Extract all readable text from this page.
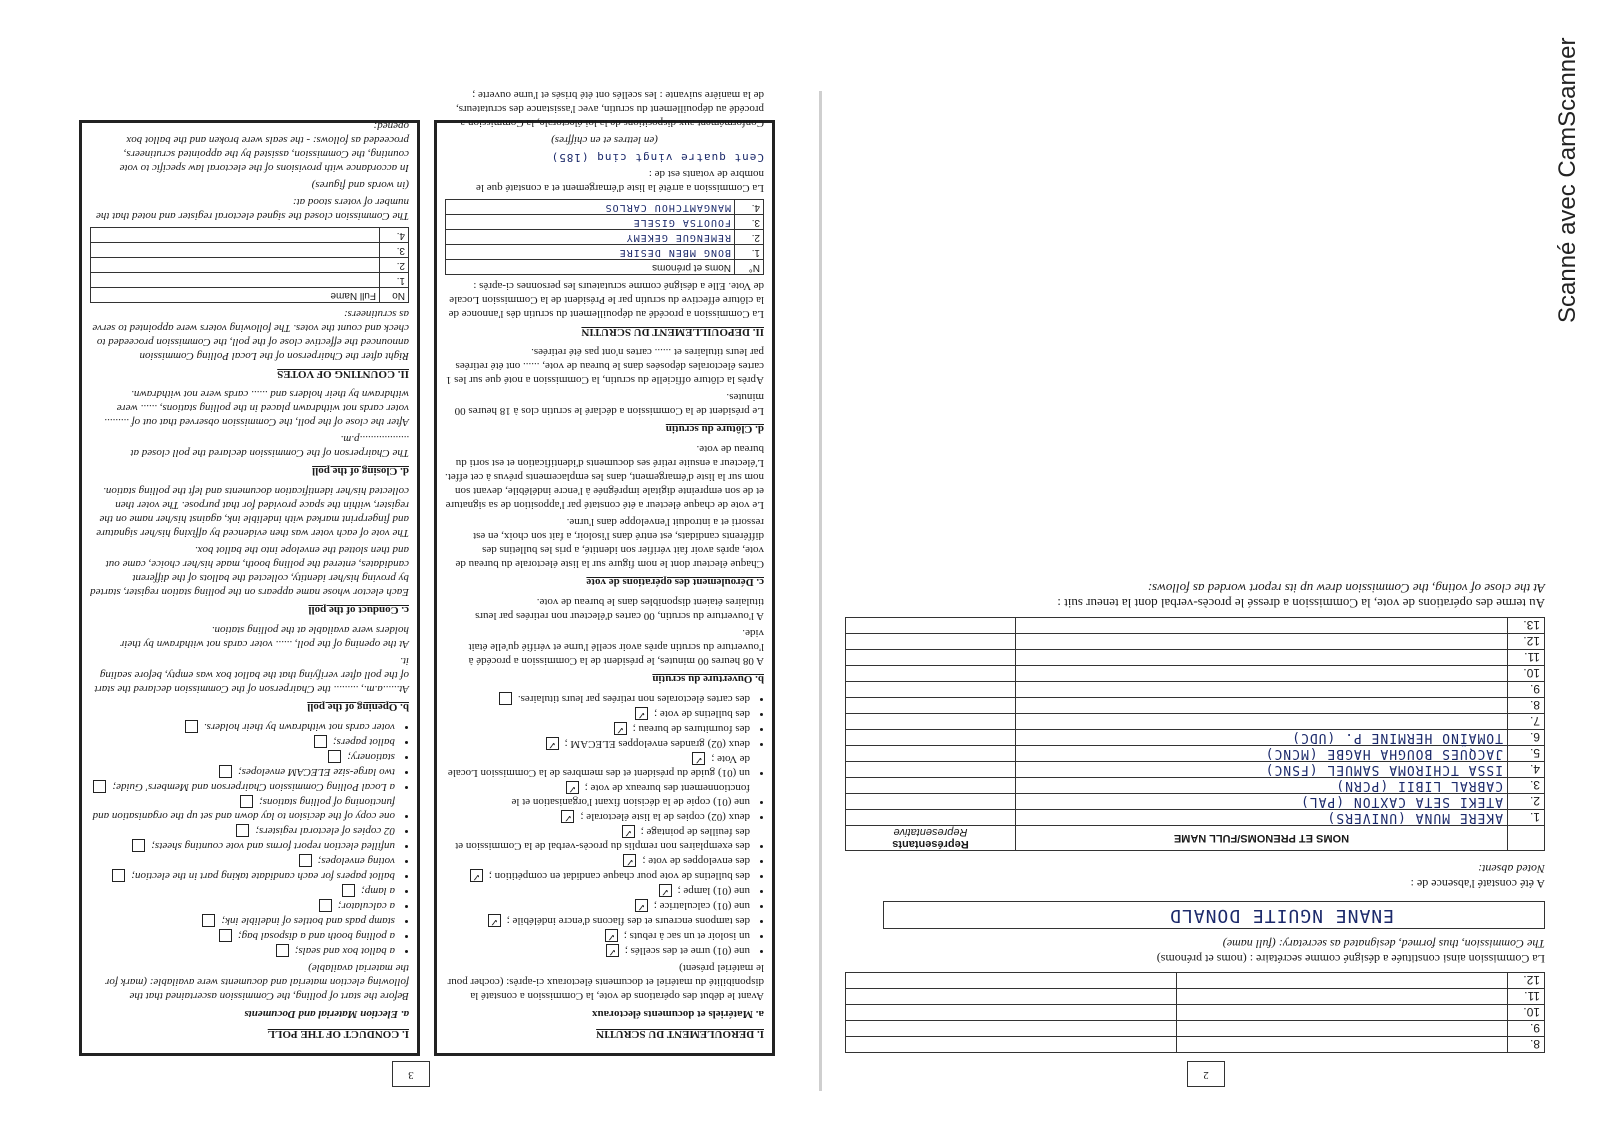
Scanné avec CamScanner
2
8.		
9.		
10.		
11.		
12.		
La Commission ainsi constituée a désigné comme secrétaire : (noms et prénoms)
The Commission, thus formed, designated as secretary: (full name)
ENANE NGUITE DONALD
A été constaté l'absence de :
Noted absent:
	NOMS ET PRENOMS/FULL NAME	Représentants
Representative
1.	AKERE MUNA (UNIVERS)	
2.	ATEKI SETA CAXTON (PAL)	
3.	CABRAL LIBII (PCRN)	
4.	ISSA TCHIROMA SAMUEL (FSNC)	
5.	JACQUES BOUGHA HAGBE (MCNC)	
6.	TOMAÏNO HERMINE P. (UDC)	
7.		
8.		
9.		
10.		
11.		
12.		
13.		
Au terme des opérations de vote, la Commission a dressé le procès-verbal dont la teneur suit :
At the close of voting, the Commission drew up its report worded as follows:
3
I. DEROULEMENT DU SCRUTIN
a. Matériels et documents électoraux

Avant le début des opérations de vote, la Commission a constaté la disponibilité du matériel et documents électoraux ci-après: (cocher pour le matériel présent)

• une (01) urne et des scellés ;✓
• un isoloir et un sac à rebuts ;✓
• des tampons encreurs et des flacons d'encre indélébile ;✓
• une (01) calculatrice ;✓
• une (01) lampe ;✓
• des bulletins de vote pour chaque candidat en compétition ;✓
• des enveloppes de vote ;✓
• des exemplaires non remplis du procès-verbal de la Commission et des feuilles de pointage ;✓
• deux (02) copies de la liste électorale ;✓
• une (01) copie de la décision fixant l'organisation et le fonctionnement des bureaux de vote ;✓
• un (01) guide du président et des membres de la Commission Locale de Vote ;✓
• deux (02) grandes enveloppes ELECAM ;✓
• des fournitures de bureau ;✓
• des bulletins de vote ;✓
• des cartes électorales non retirées par leurs titulaires.
b. Ouverture du scrutin

A 08 heures 00 minutes, le président de la Commission a procédé à l'ouverture du scrutin après avoir scellé l'urne et vérifié qu'elle était vide.

A l'ouverture du scrutin, 00 cartes d'électeur non retirées par leurs titulaires étaient disponibles dans le bureau de vote.

c. Déroulement des opérations de vote

Chaque électeur dont le nom figure sur la liste électorale du bureau de vote, après avoir fait vérifier son identité, a pris les bulletins des différents candidats, est entré dans l'isoloir, a fait son choix, en est ressorti et a introduit l'enveloppe dans l'urne.

Le vote de chaque électeur a été constaté par l'apposition de sa signature et de son empreinte digitale imprégnée à l'encre indélébile, devant son nom sur la liste d'émargement, dans les emplacements prévus à cet effet. L'électeur a ensuite retiré ses documents d'identification et est sorti du bureau de vote.

d. Clôture du scrutin

Le président de la Commission a déclaré le scrutin clos à 18 heures 00 minutes.

Après la clôture officielle du scrutin, la Commission a noté que sur les 1 cartes électorales déposées dans le bureau de vote, ...... ont été retirées par leurs titulaires et ...... cartes n'ont pas été retirées.

II. DEPOUILLEMENT DU SCRUTIN

La Commission a procédé au dépouillement du scrutin dès l'annonce de la clôture effective du scrutin par le Président de la Commission Locale de Vote. Elle a désigné comme scrutateurs les personnes ci-après :

N°	Noms et prénoms
1.	BONG MBEN DESIRE
2.	REMENGUE GEKEMY
3.	FOUOTSA GISELE
4.	MANGAMTCHOU CARLOS

La Commission a arrêté la liste d'émargement et a constaté que le nombre de votants est de :

Cent quatre vingt cinq (185)

(en lettres et en chiffres)

Conformément aux dispositions de la loi électorale, la Commission a procédé au dépouillement du scrutin, avec l'assistance des scrutateurs, de la manière suivante : les scellés ont été brisés et l'urne ouverte ;

I. CONDUCT OF THE POLL
a. Election Material and Documents

Before the start of polling, the Commission ascertained that the following election material and documents were available: (mark for the material available)

• a ballot box and seals;
• a polling booth and a disposal bag;
• stamp pads and bottles of indelible ink;
• a calculator;
• a lamp;
• ballot papers for each candidate taking part in the election;
• voting envelopes;
• unfilled election report forms and vote counting sheets;
• 02 copies of electoral registers;
• one copy of the decision to lay down and set up the organisation and functioning of polling stations;
• a Local Polling Commission Chairperson and Members' Guide;
• two large-size ELECAM envelopes;
• stationery;
• ballot papers;
• voter cards not withdrawn by their holders.
b. Opening of the poll

At......a.m., ......... the Chairperson of the Commission declared the start of the poll after verifying that the ballot box was empty, before sealing it.

At the opening of the poll, ...... voter cards not withdrawn by their holders were available at the polling station.

c. Conduct of the poll

Each elector whose name appears on the polling station register, started by proving his/her identity, collected the ballots of the different candidates, entered the polling booth, made his/her choice, came out and then slotted the envelope into the ballot box.

The vote of each voter was then evidenced by affixing his/her signature and fingerprint marked with indelible ink, against his/her name on the register, within the space provided for that purpose. The voter then collected his/her identification documents and left the polling station.

d. Closing of the poll

The Chairperson of the Commission declared the poll closed at ..................p.m.

After the close of the poll, the Commission observed that out of ......... voter cards not withdrawn placed in the polling stations, ...... were withdrawn by their holders and ...... cards were not withdrawn.

II. COUNTING OF VOTES

Right after the Chairperson of the Local Polling Commission announced the effective close of the poll, the Commission proceeded to check and count the votes. The following voters were appointed to serve as scrutineers:

No	Full Name
1.	
2.	
3.	
4.	

The Commission closed the signed electoral register and noted that the number of voters stood at:

(in words and figures)

In accordance with provisions of the electoral law specific to vote counting, the Commission, assisted by the appointed scrutineers, proceeded as follows: - the seals were broken and the ballot box opened;
